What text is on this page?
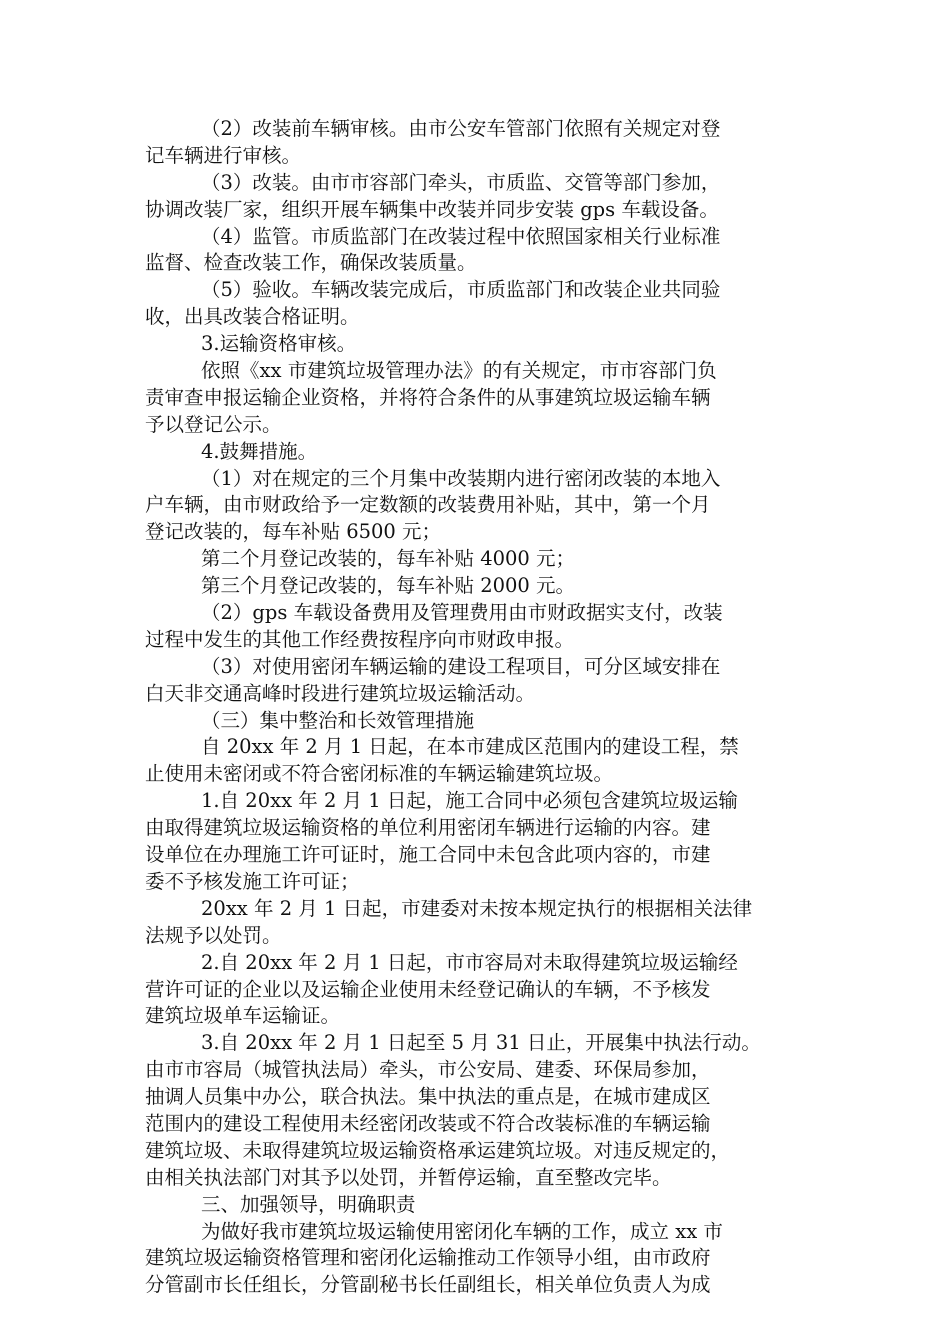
（2）改装前车辆审核。由市公安车管部门依照有关规定对登
记车辆进行审核。
（3）改装。由市市容部门牵头，市质监、交管等部门参加，
协调改装厂家，组织开展车辆集中改装并同步安装 gps 车载设备。
（4）监管。市质监部门在改装过程中依照国家相关行业标准
监督、检查改装工作，确保改装质量。
（5）验收。车辆改装完成后，市质监部门和改装企业共同验
收，出具改装合格证明。
3.运输资格审核。
依照《xx 市建筑垃圾管理办法》的有关规定，市市容部门负
责审查申报运输企业资格，并将符合条件的从事建筑垃圾运输车辆
予以登记公示。
4.鼓舞措施。
（1）对在规定的三个月集中改装期内进行密闭改装的本地入
户车辆，由市财政给予一定数额的改装费用补贴，其中，第一个月
登记改装的，每车补贴 6500 元；
第二个月登记改装的，每车补贴 4000 元；
第三个月登记改装的，每车补贴 2000 元。
（2）gps 车载设备费用及管理费用由市财政据实支付，改装
过程中发生的其他工作经费按程序向市财政申报。
（3）对使用密闭车辆运输的建设工程项目，可分区域安排在
白天非交通高峰时段进行建筑垃圾运输活动。
（三）集中整治和长效管理措施
自 20xx 年 2 月 1 日起，在本市建成区范围内的建设工程，禁
止使用未密闭或不符合密闭标准的车辆运输建筑垃圾。
1.自 20xx 年 2 月 1 日起，施工合同中必须包含建筑垃圾运输
由取得建筑垃圾运输资格的单位利用密闭车辆进行运输的内容。建
设单位在办理施工许可证时，施工合同中未包含此项内容的，市建
委不予核发施工许可证；
20xx 年 2 月 1 日起，市建委对未按本规定执行的根据相关法律
法规予以处罚。
2.自 20xx 年 2 月 1 日起，市市容局对未取得建筑垃圾运输经
营许可证的企业以及运输企业使用未经登记确认的车辆，不予核发
建筑垃圾单车运输证。
3.自 20xx 年 2 月 1 日起至 5 月 31 日止，开展集中执法行动。
由市市容局（城管执法局）牵头，市公安局、建委、环保局参加，
抽调人员集中办公，联合执法。集中执法的重点是，在城市建成区
范围内的建设工程使用未经密闭改装或不符合改装标准的车辆运输
建筑垃圾、未取得建筑垃圾运输资格承运建筑垃圾。对违反规定的，
由相关执法部门对其予以处罚，并暂停运输，直至整改完毕。
三、加强领导，明确职责
为做好我市建筑垃圾运输使用密闭化车辆的工作，成立 xx 市
建筑垃圾运输资格管理和密闭化运输推动工作领导小组，由市政府
分管副市长任组长，分管副秘书长任副组长，相关单位负责人为成
